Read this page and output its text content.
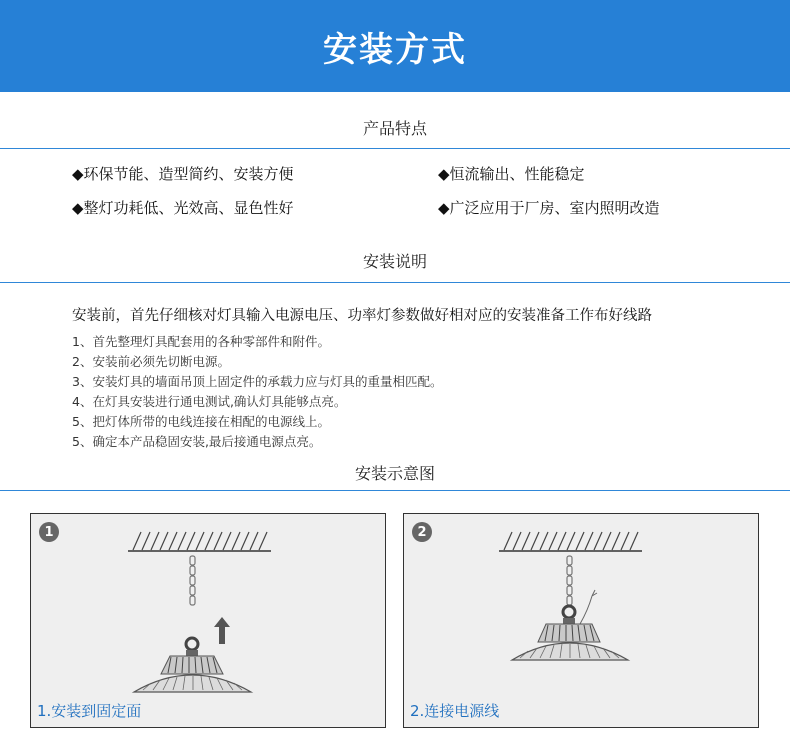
安装方式
产品特点
◆环保节能、造型简约、安装方便	◆恒流输出、性能稳定
◆整灯功耗低、光效高、显色性好	◆广泛应用于厂房、室内照明改造
安装说明
安装前，首先仔细核对灯具输入电源电压、功率灯参数做好相对应的安装准备工作布好线路
1、首先整理灯具配套用的各种零部件和附件。
2、安装前必须先切断电源。
3、安装灯具的墙面吊顶上固定件的承载力应与灯具的重量相匹配。
4、在灯具安装进行通电测试,确认灯具能够点亮。
5、把灯体所带的电线连接在相配的电源线上。
5、确定本产品稳固安装,最后接通电源点亮。
安装示意图
1
1.安装到固定面
2
2.连接电源线
